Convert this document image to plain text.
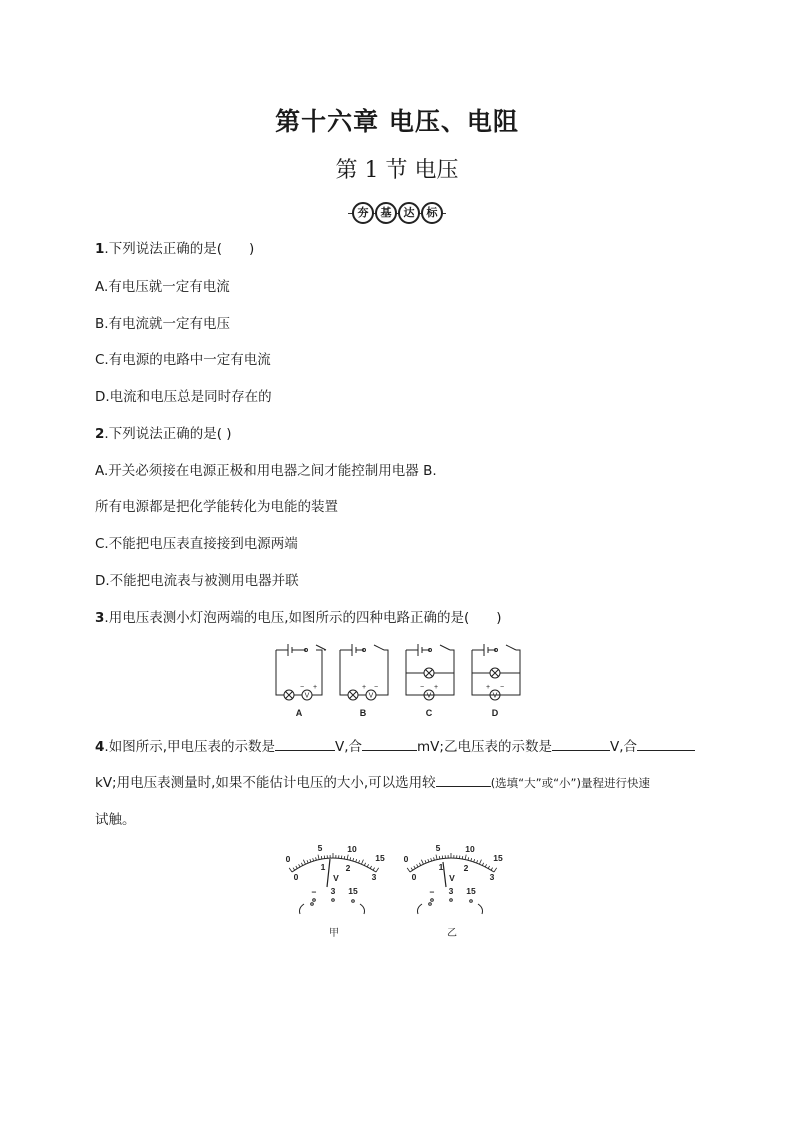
第十六章 电压、电阻
第 1 节 电压
夯	基	达	标
1.下列说法正确的是(　　)
A.有电压就一定有电流
B.有电流就一定有电压
C.有电源的电路中一定有电流
D.电流和电压总是同时存在的
2.下列说法正确的是( )
A.开关必须接在电源正极和用电器之间才能控制用电器 B.
所有电源都是把化学能转化为电能的装置
C.不能把电压表直接接到电源两端
D.不能把电流表与被测用电器并联
3.用电压表测小灯泡两端的电压,如图所示的四种电路正确的是(　　)
V	V	V	V
− +	+ −	− +	+ −
A	B	C	D
4.如图所示,甲电压表的示数是	V,合	mV;乙电压表的示数是	V,合
kV;用电压表测量时,如果不能估计电压的大小,可以选用较	(选填“大”或“小”)量程进行快速
试触。
0
5	10
15
0
1 2
3
V
− 3 15
甲
0
5	10
15
0
1 2
3
V
− 3 15
乙
